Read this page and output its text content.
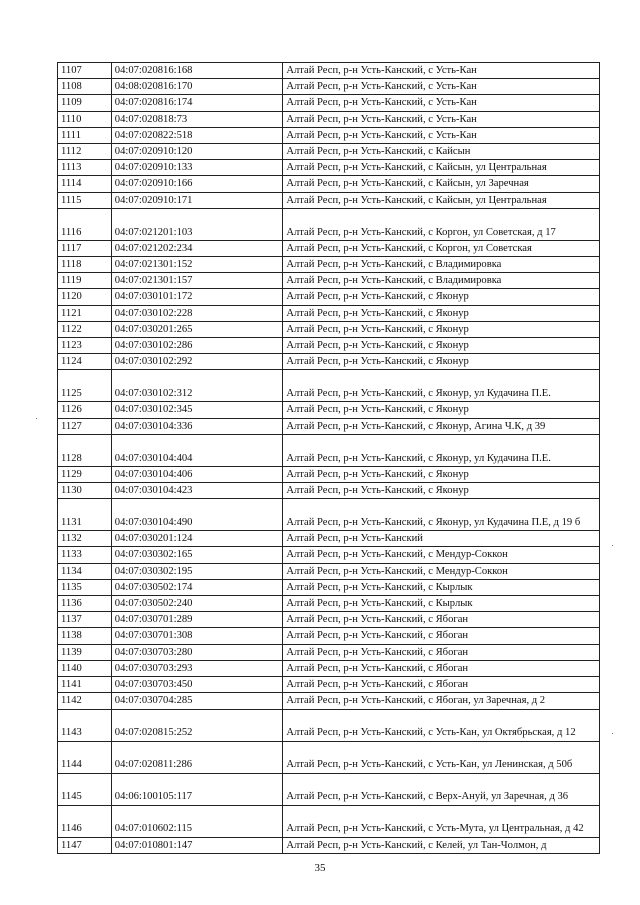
1107	04:07:020816:168	Алтай Респ, р-н Усть-Канский, с Усть-Кан
1108	04:08:020816:170	Алтай Респ, р-н Усть-Канский, с Усть-Кан
1109	04:07:020816:174	Алтай Респ, р-н Усть-Канский, с Усть-Кан
1110	04:07:020818:73	Алтай Респ, р-н Усть-Канский, с Усть-Кан
1111	04:07:020822:518	Алтай Респ, р-н Усть-Канский, с Усть-Кан
1112	04:07:020910:120	Алтай Респ, р-н Усть-Канский, с Кайсын
1113	04:07:020910:133	Алтай Респ, р-н Усть-Канский, с Кайсын, ул Центральная
1114	04:07:020910:166	Алтай Респ, р-н Усть-Канский, с Кайсын, ул Заречная
1115	04:07:020910:171	Алтай Респ, р-н Усть-Канский, с Кайсын, ул Центральная
1116	04:07:021201:103	Алтай Респ, р-н Усть-Канский, с Коргон, ул Советская, д 17
1117	04:07:021202:234	Алтай Респ, р-н Усть-Канский, с Коргон, ул Советская
1118	04:07:021301:152	Алтай Респ, р-н Усть-Канский, с Владимировка
1119	04:07:021301:157	Алтай Респ, р-н Усть-Канский, с Владимировка
1120	04:07:030101:172	Алтай Респ, р-н Усть-Канский, с Яконур
1121	04:07:030102:228	Алтай Респ, р-н Усть-Канский, с Яконур
1122	04:07:030201:265	Алтай Респ, р-н Усть-Канский, с Яконур
1123	04:07:030102:286	Алтай Респ, р-н Усть-Канский, с Яконур
1124	04:07:030102:292	Алтай Респ, р-н Усть-Канский, с Яконур
1125	04:07:030102:312	Алтай Респ, р-н Усть-Канский, с Яконур, ул Кудачина П.Е.
1126	04:07:030102:345	Алтай Респ, р-н Усть-Канский, с Яконур
1127	04:07:030104:336	Алтай Респ, р-н Усть-Канский, с Яконур, Агина Ч.К, д 39
1128	04:07:030104:404	Алтай Респ, р-н Усть-Канский, с Яконур, ул Кудачина П.Е.
1129	04:07:030104:406	Алтай Респ, р-н Усть-Канский, с Яконур
1130	04:07:030104:423	Алтай Респ, р-н Усть-Канский, с Яконур
1131	04:07:030104:490	Алтай Респ, р-н Усть-Канский, с Яконур, ул Кудачина П.Е, д 19 б
1132	04:07:030201:124	Алтай Респ, р-н Усть-Канский
1133	04:07:030302:165	Алтай Респ, р-н Усть-Канский, с Мендур-Соккон
1134	04:07:030302:195	Алтай Респ, р-н Усть-Канский, с Мендур-Соккон
1135	04:07:030502:174	Алтай Респ, р-н Усть-Канский, с Кырлык
1136	04:07:030502:240	Алтай Респ, р-н Усть-Канский, с Кырлык
1137	04:07:030701:289	Алтай Респ, р-н Усть-Канский, с Ябоган
1138	04:07:030701:308	Алтай Респ, р-н Усть-Канский, с Ябоган
1139	04:07:030703:280	Алтай Респ, р-н Усть-Канский, с Ябоган
1140	04:07:030703:293	Алтай Респ, р-н Усть-Канский, с Ябоган
1141	04:07:030703:450	Алтай Респ, р-н Усть-Канский, с Ябоган
1142	04:07:030704:285	Алтай Респ, р-н Усть-Канский, с Ябоган, ул Заречная, д 2
1143	04:07:020815:252	Алтай Респ, р-н Усть-Канский, с Усть-Кан, ул Октябрьская, д 12
1144	04:07:020811:286	Алтай Респ, р-н Усть-Канский, с Усть-Кан, ул Ленинская, д 50б
1145	04:06:100105:117	Алтай Респ, р-н Усть-Канский, с Верх-Ануй, ул Заречная, д 36
1146	04:07:010602:115	Алтай Респ, р-н Усть-Канский, с Усть-Мута, ул Центральная, д 42
1147	04:07:010801:147	Алтай Респ, р-н Усть-Канский, с Келей, ул Тан-Чолмон, д
35
